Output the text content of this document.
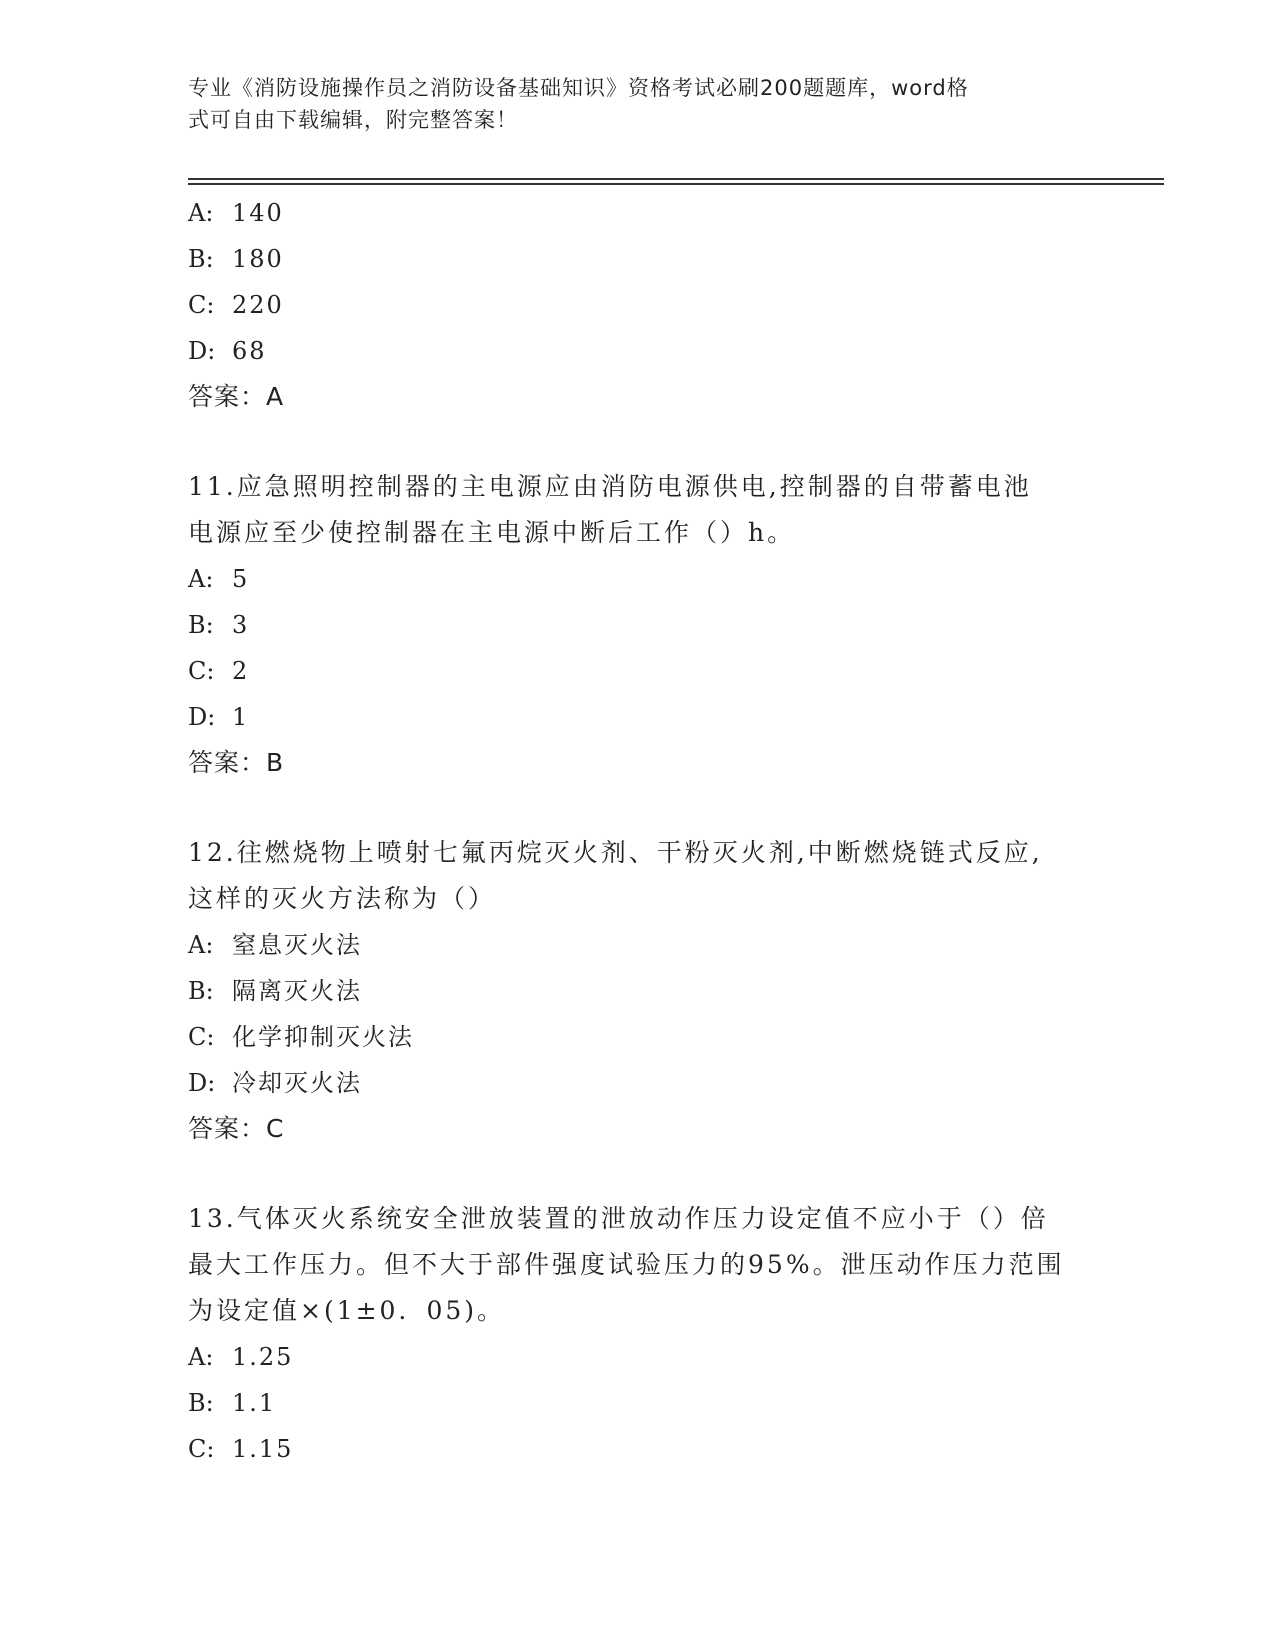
专业《消防设施操作员之消防设备基础知识》资格考试必刷200题题库，word格
式可自由下载编辑，附完整答案！
A: 140
B: 180
C: 220
D: 68
答案：A
11.应急照明控制器的主电源应由消防电源供电,控制器的自带蓄电池
电源应至少使控制器在主电源中断后工作（）h。
A: 5
B: 3
C: 2
D: 1
答案：B
12.往燃烧物上喷射七氟丙烷灭火剂、干粉灭火剂,中断燃烧链式反应,
这样的灭火方法称为（）
A: 窒息灭火法
B: 隔离灭火法
C: 化学抑制灭火法
D: 冷却灭火法
答案：C
13.气体灭火系统安全泄放装置的泄放动作压力设定值不应小于（）倍
最大工作压力。但不大于部件强度试验压力的95%。泄压动作压力范围
为设定值×(1±0．05)。
A: 1.25
B: 1.1
C: 1.15
